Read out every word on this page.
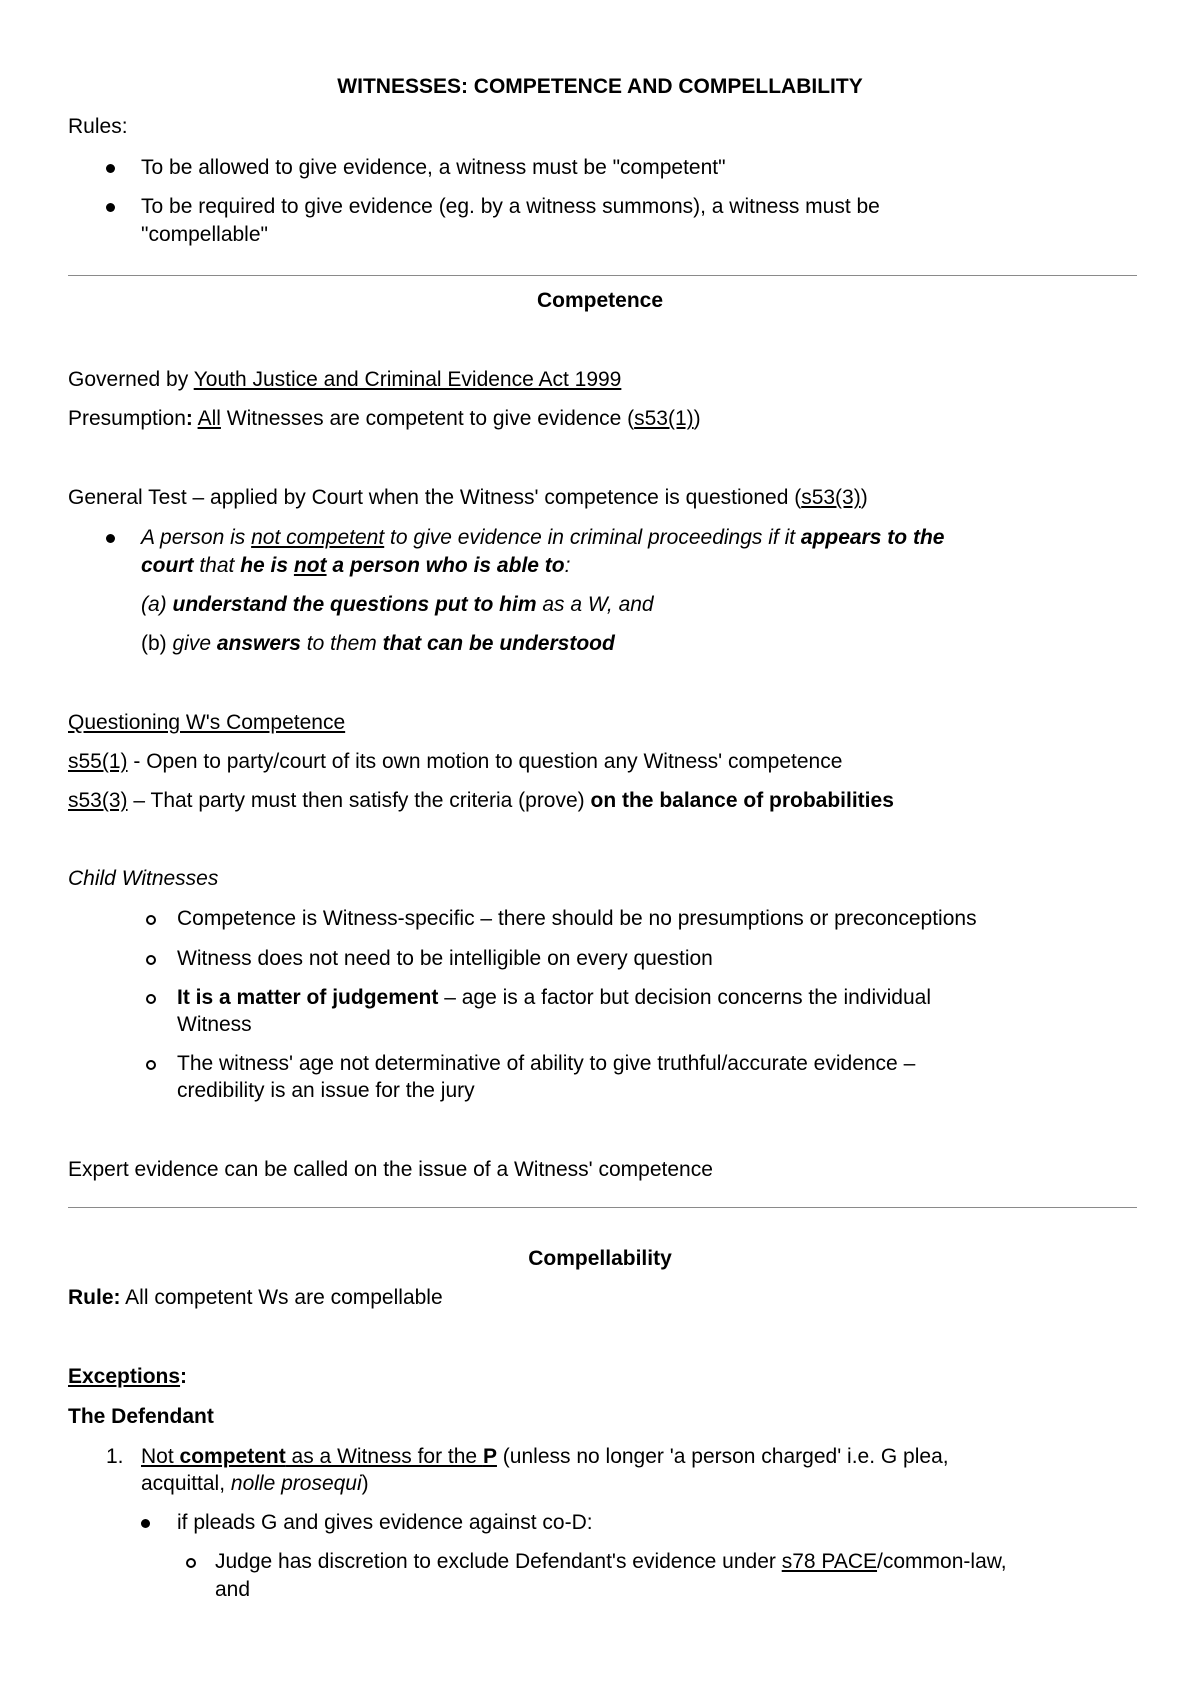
WITNESSES: COMPETENCE AND COMPELLABILITY
Rules:
To be allowed to give evidence, a witness must be "competent"
To be required to give evidence (eg. by a witness summons), a witness must be
"compellable"
Competence
Governed by Youth Justice and Criminal Evidence Act 1999
Presumption: All Witnesses are competent to give evidence (s53(1))
General Test – applied by Court when the Witness' competence is questioned (s53(3))
A person is not competent to give evidence in criminal proceedings if it appears to the
court that he is not a person who is able to:
(a) understand the questions put to him as a W, and
(b) give answers to them that can be understood
Questioning W's Competence
s55(1) - Open to party/court of its own motion to question any Witness' competence
s53(3) – That party must then satisfy the criteria (prove) on the balance of probabilities
Child Witnesses
Competence is Witness-specific – there should be no presumptions or preconceptions
Witness does not need to be intelligible on every question
It is a matter of judgement – age is a factor but decision concerns the individual
Witness
The witness' age not determinative of ability to give truthful/accurate evidence –
credibility is an issue for the jury
Expert evidence can be called on the issue of a Witness' competence
Compellability
Rule: All competent Ws are compellable
Exceptions:
The Defendant
1. Not competent as a Witness for the P (unless no longer 'a person charged' i.e. G plea,
acquittal, nolle prosequi)
if pleads G and gives evidence against co-D:
Judge has discretion to exclude Defendant's evidence under s78 PACE/common-law,
and
